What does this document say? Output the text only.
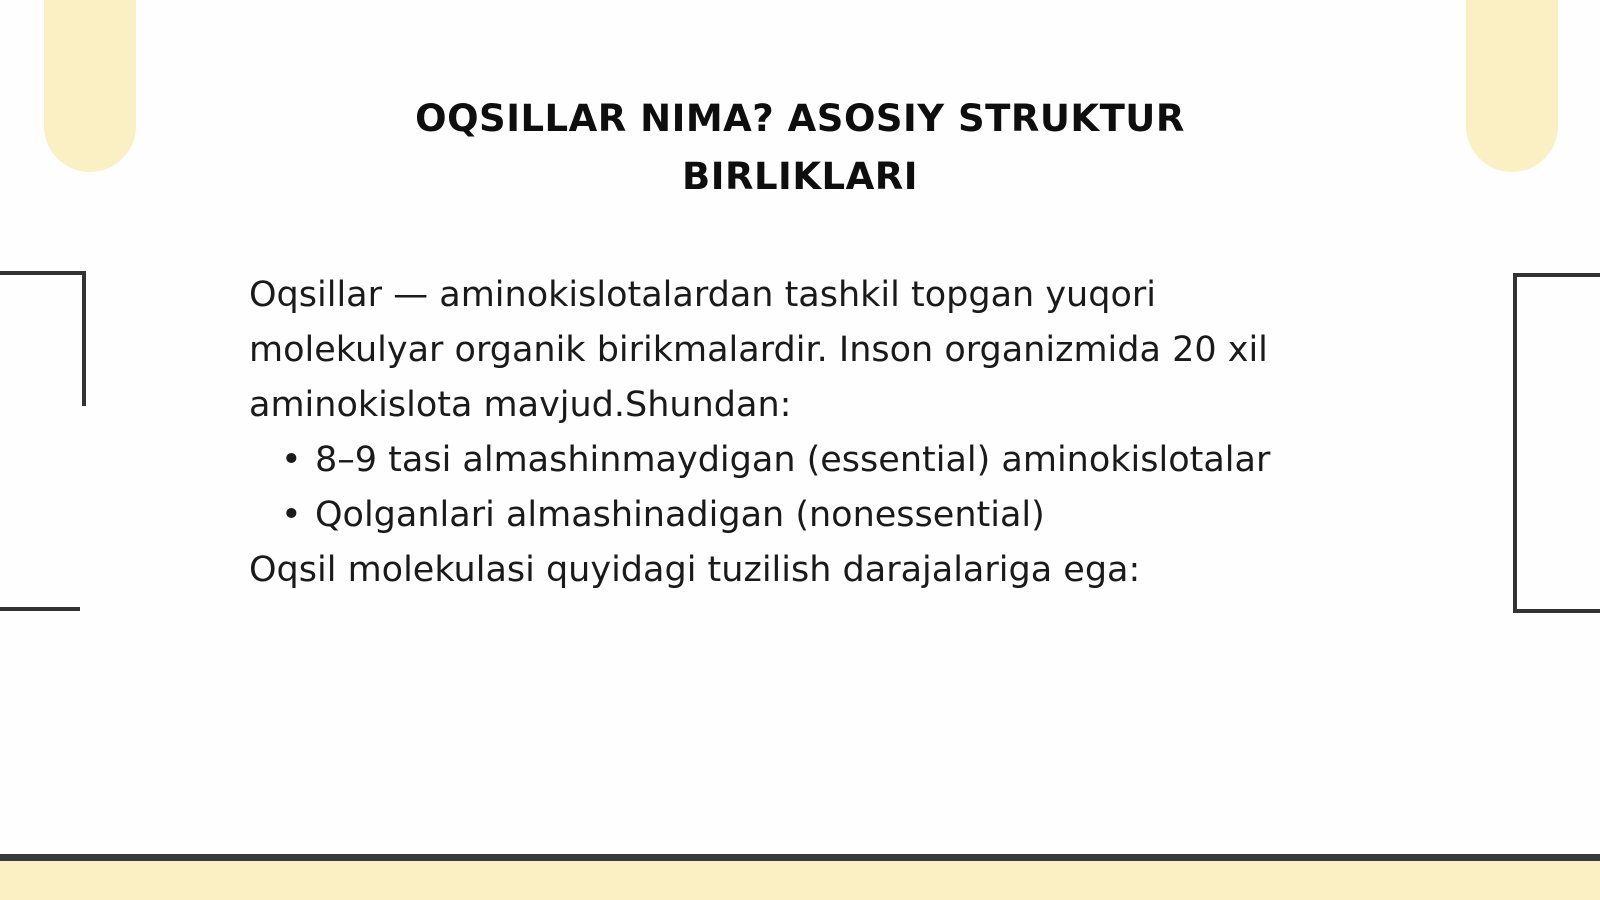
OQSILLAR NIMA? ASOSIY STRUKTUR
BIRLIKLARI

Oqsillar — aminokislotalardan tashkil topgan yuqori molekulyar organik birikmalardir. Inson organizmida 20 xil aminokislota mavjud.Shundan:

• 8–9 tasi almashinmaydigan (essential) aminokislotalar
• Qolganlari almashinadigan (nonessential)

Oqsil molekulasi quyidagi tuzilish darajalariga ega:
